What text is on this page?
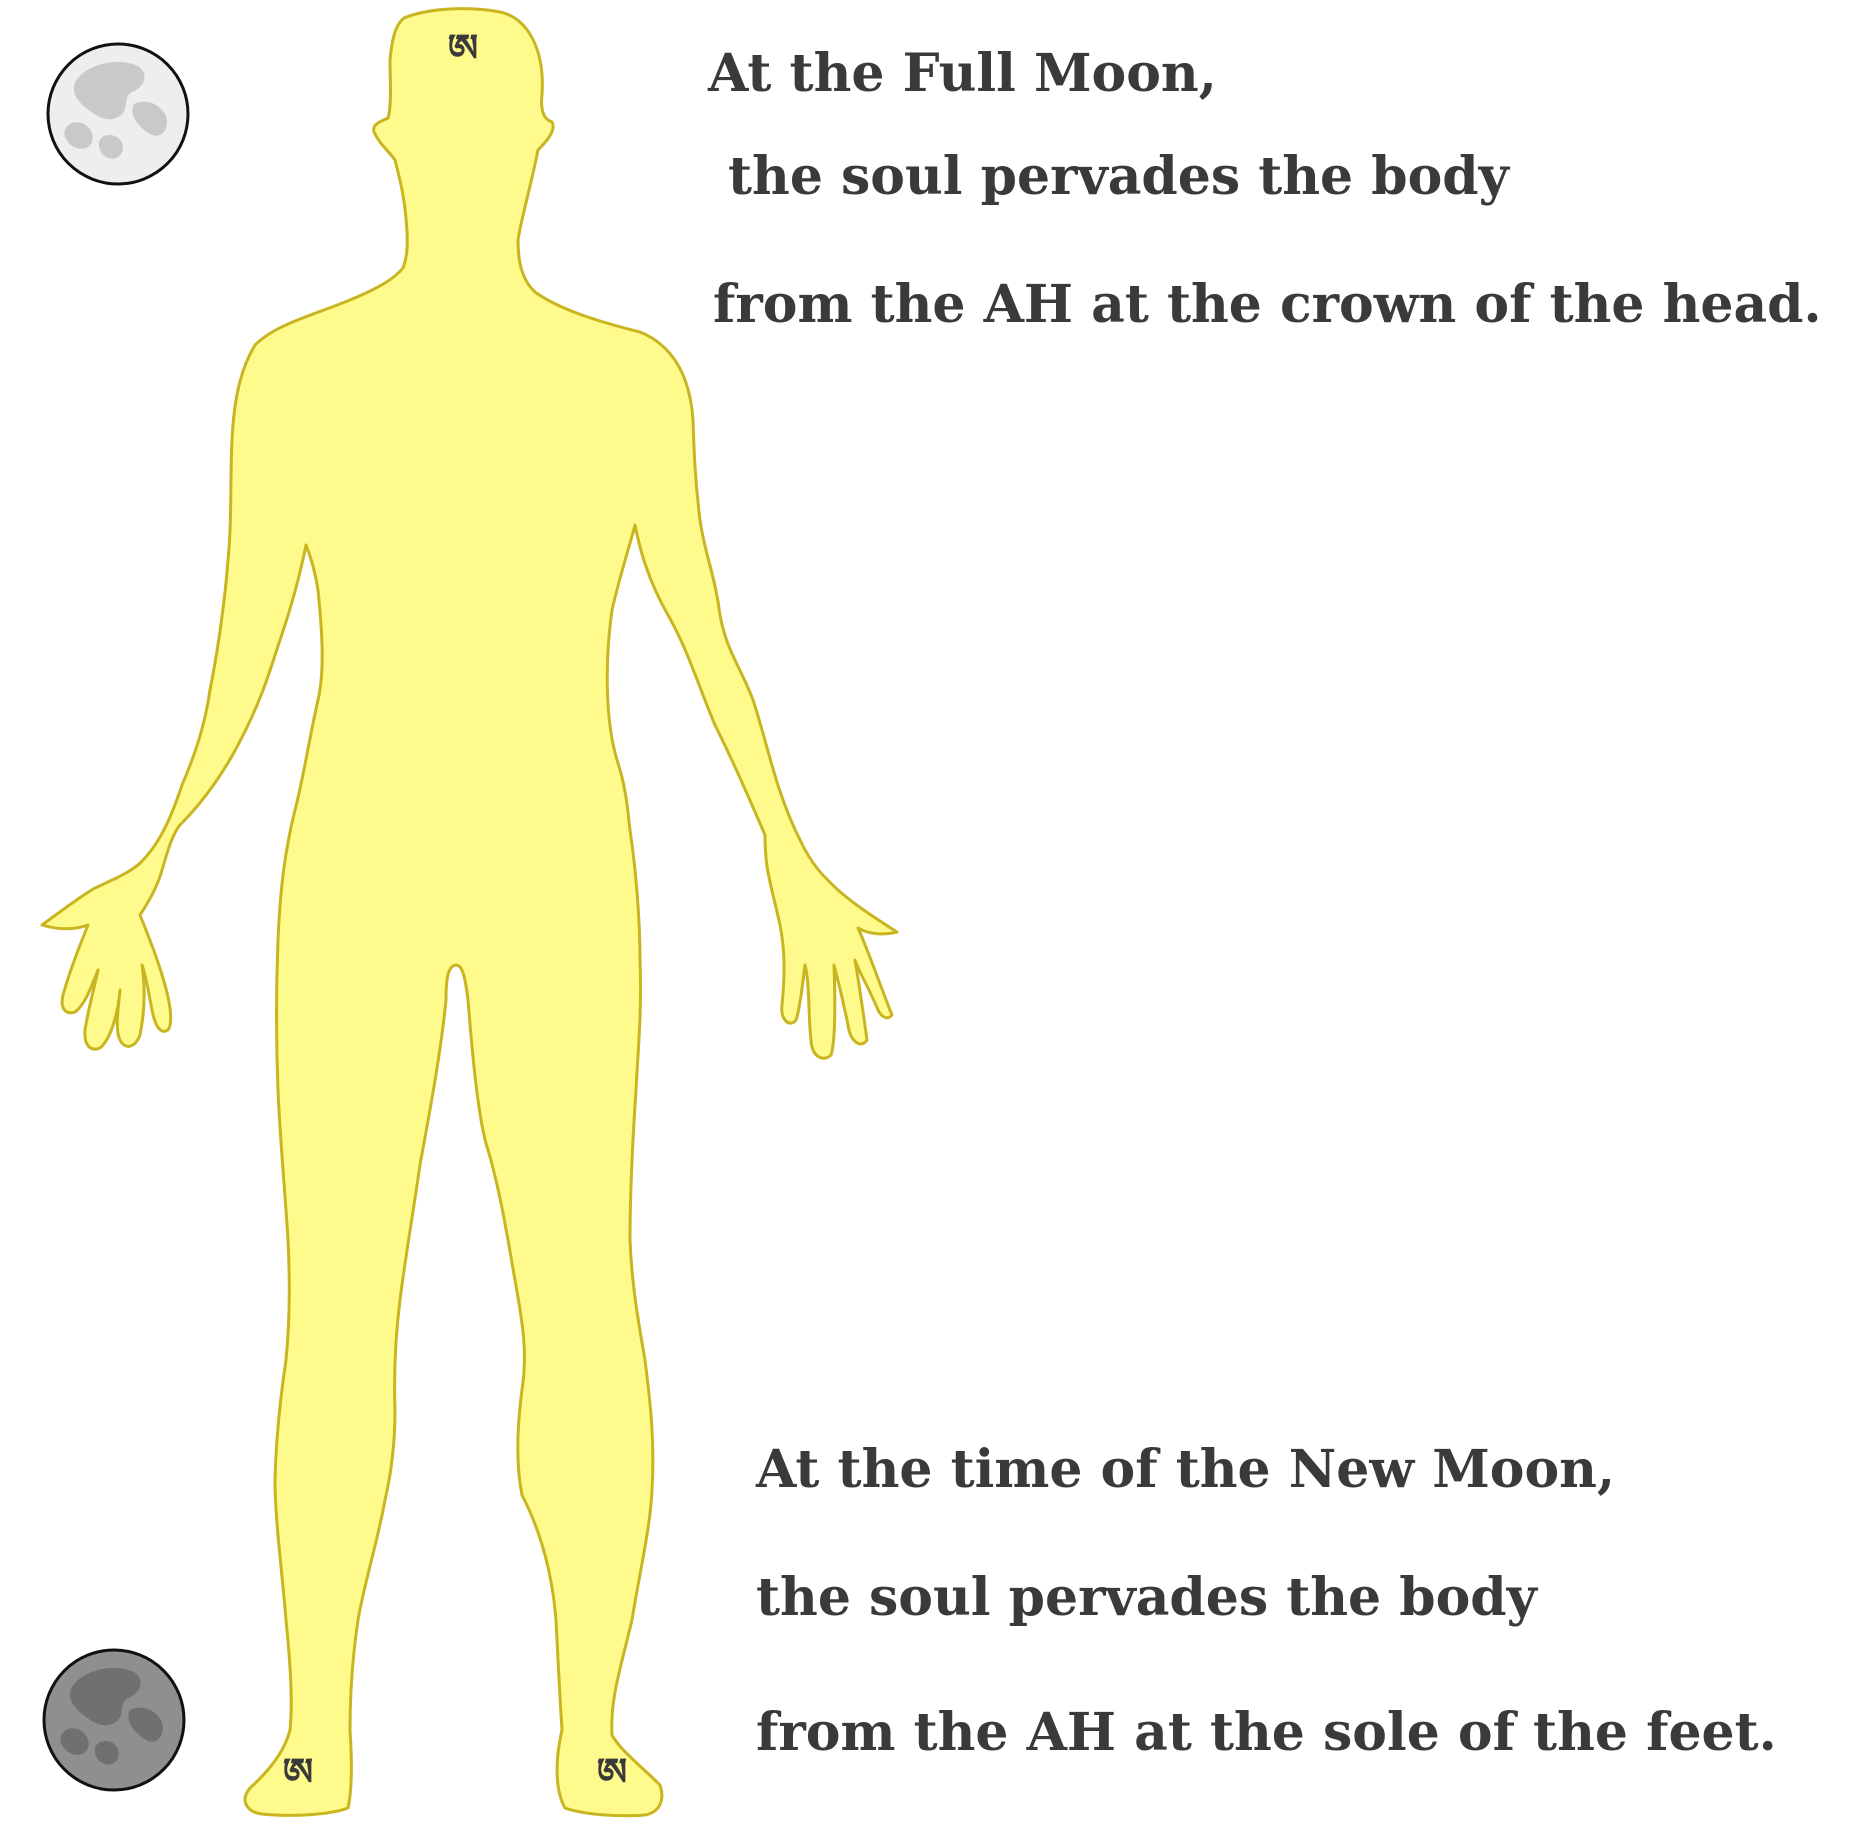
ཨ
ཨ	ཨ

At the Full Moon,

the soul pervades the body

from the AH at the crown of the head.

At the time of the New Moon,

the soul pervades the body

from the AH at the sole of the feet.
